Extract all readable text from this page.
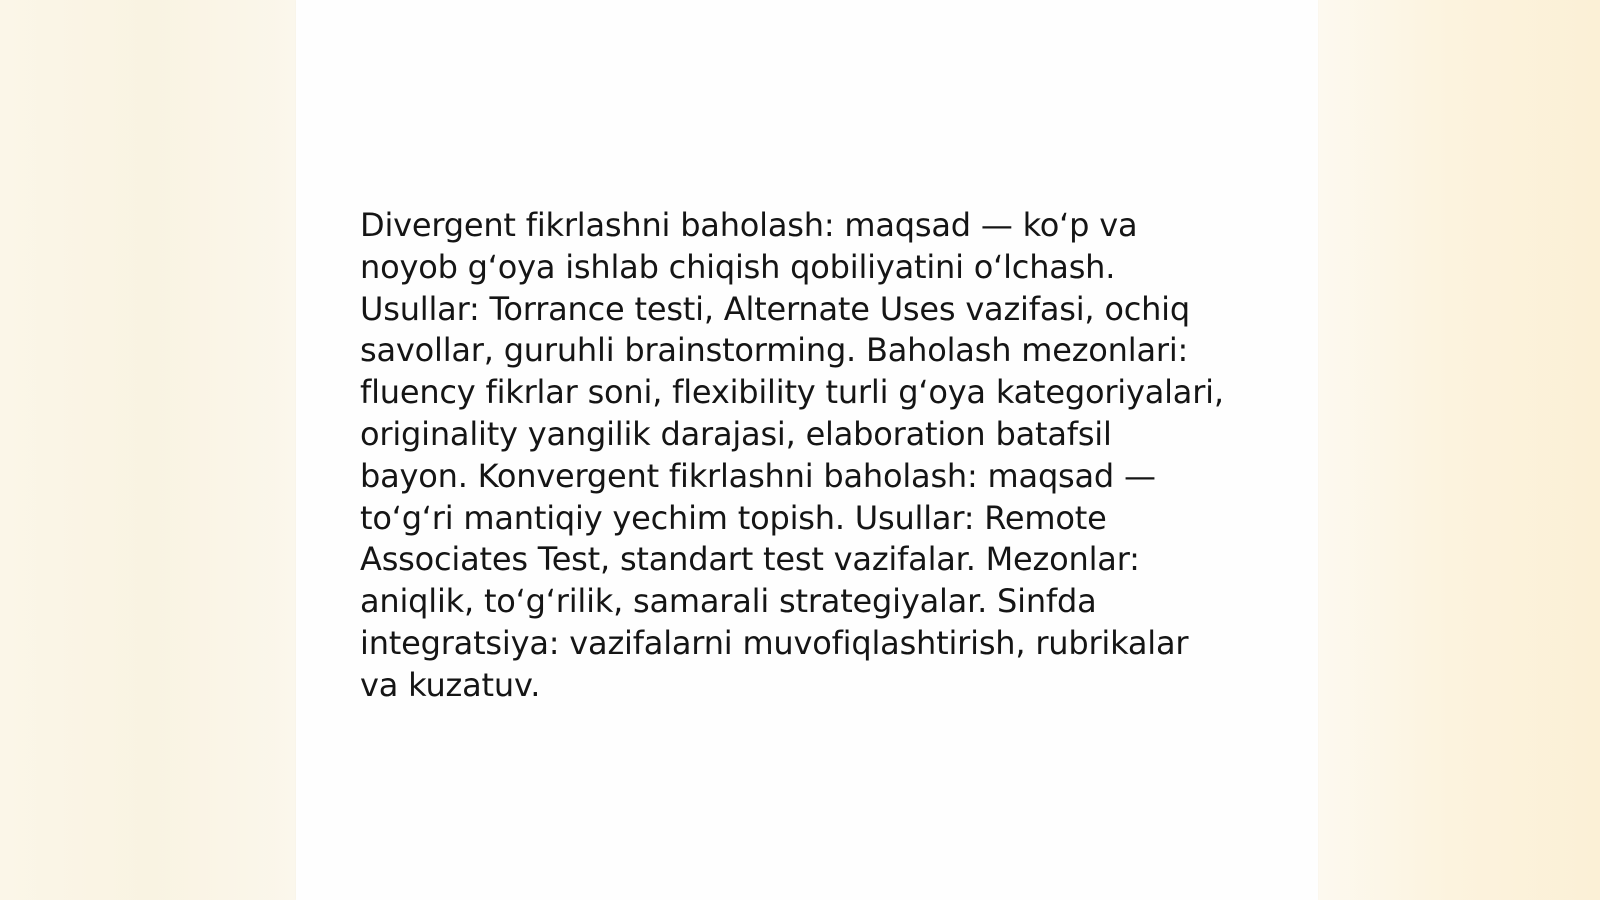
Divergent fikrlashni baholash: maqsad — koʻp va
noyob gʻoya ishlab chiqish qobiliyatini oʻlchash.
Usullar: Torrance testi, Alternate Uses vazifasi, ochiq
savollar, guruhli brainstorming. Baholash mezonlari:
fluency fikrlar soni, flexibility turli gʻoya kategoriyalari,
originality yangilik darajasi, elaboration batafsil
bayon. Konvergent fikrlashni baholash: maqsad —
toʻgʻri mantiqiy yechim topish. Usullar: Remote
Associates Test, standart test vazifalar. Mezonlar:
aniqlik, toʻgʻrilik, samarali strategiyalar. Sinfda
integratsiya: vazifalarni muvofiqlashtirish, rubrikalar
va kuzatuv.
